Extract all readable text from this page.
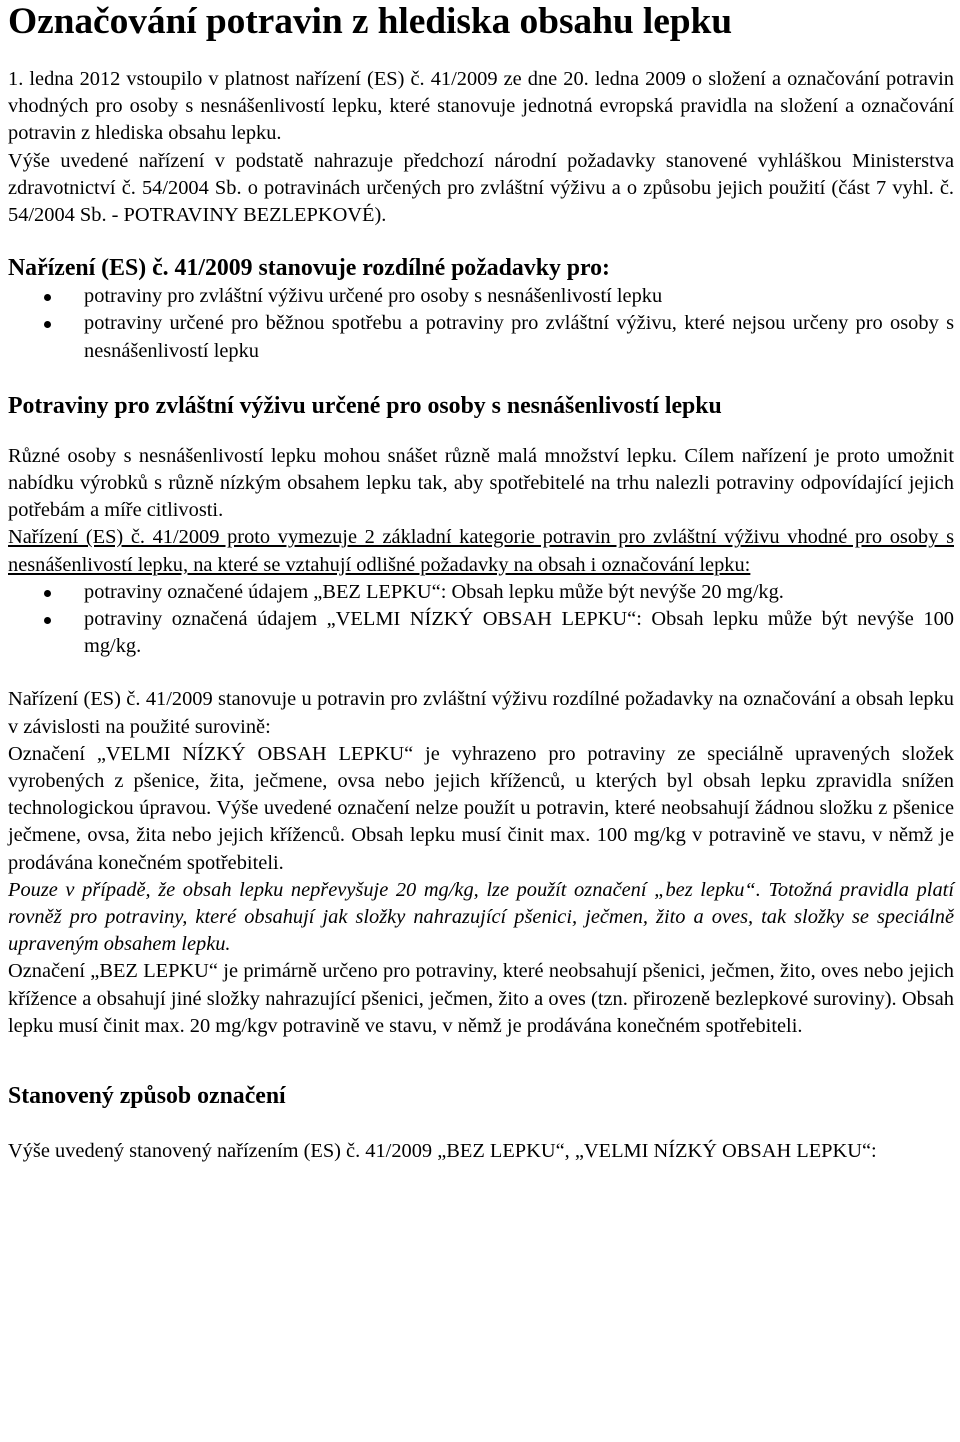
Označování potravin z hlediska obsahu lepku

1. ledna 2012 vstoupilo v platnost nařízení (ES) č. 41/2009 ze dne 20. ledna 2009 o složení a označování potravin vhodných pro osoby s nesnášenlivostí lepku, které stanovuje jednotná evropská pravidla na složení a označování potravin z hlediska obsahu lepku.

Výše uvedené nařízení v podstatě nahrazuje předchozí národní požadavky stanovené vyhláškou Ministerstva zdravotnictví č. 54/2004 Sb. o potravinách určených pro zvláštní výživu a o způsobu jejich použití (část 7 vyhl. č. 54/2004 Sb. - POTRAVINY BEZLEPKOVÉ).

Nařízení (ES) č. 41/2009 stanovuje rozdílné požadavky pro:
potraviny pro zvláštní výživu určené pro osoby s nesnášenlivostí lepku
potraviny určené pro běžnou spotřebu a potraviny pro zvláštní výživu, které nejsou určeny pro osoby s nesnášenlivostí lepku
Potraviny pro zvláštní výživu určené pro osoby s nesnášenlivostí lepku

Různé osoby s nesnášenlivostí lepku mohou snášet různě malá množství lepku. Cílem nařízení je proto umožnit nabídku výrobků s různě nízkým obsahem lepku tak, aby spotřebitelé na trhu nalezli potraviny odpovídající jejich potřebám a míře citlivosti.

Nařízení (ES) č. 41/2009 proto vymezuje 2 základní kategorie potravin pro zvláštní výživu vhodné pro osoby s nesnášenlivostí lepku, na které se vztahují odlišné požadavky na obsah i označování lepku:

potraviny označené údajem „BEZ LEPKU“: Obsah lepku může být nevýše 20 mg/kg.
potraviny označená údajem „VELMI NÍZKÝ OBSAH LEPKU“: Obsah lepku může být nevýše 100 mg/kg.

Nařízení (ES) č. 41/2009 stanovuje u potravin pro zvláštní výživu rozdílné požadavky na označování a obsah lepku v závislosti na použité surovině:

Označení „VELMI NÍZKÝ OBSAH LEPKU“ je vyhrazeno pro potraviny ze speciálně upravených složek vyrobených z pšenice, žita, ječmene, ovsa nebo jejich kříženců, u kterých byl obsah lepku zpravidla snížen technologickou úpravou. Výše uvedené označení nelze použít u potravin, které neobsahují žádnou složku z pšenice ječmene, ovsa, žita nebo jejich kříženců. Obsah lepku musí činit max. 100 mg/kg v potravině ve stavu, v němž je prodávána konečném spotřebiteli.

Pouze v případě, že obsah lepku nepřevyšuje 20 mg/kg, lze použít označení „bez lepku“. Totožná pravidla platí rovněž pro potraviny, které obsahují jak složky nahrazující pšenici, ječmen, žito a oves, tak složky se speciálně upraveným obsahem lepku.

Označení „BEZ LEPKU“ je primárně určeno pro potraviny, které neobsahují pšenici, ječmen, žito, oves nebo jejich křížence a obsahují jiné složky nahrazující pšenici, ječmen, žito a oves (tzn. přirozeně bezlepkové suroviny). Obsah lepku musí činit max. 20 mg/kgv potravině ve stavu, v němž je prodávána konečném spotřebiteli.

Stanovený způsob označení

Výše uvedený stanovený nařízením (ES) č. 41/2009 „BEZ LEPKU“, „VELMI NÍZKÝ OBSAH LEPKU“:
